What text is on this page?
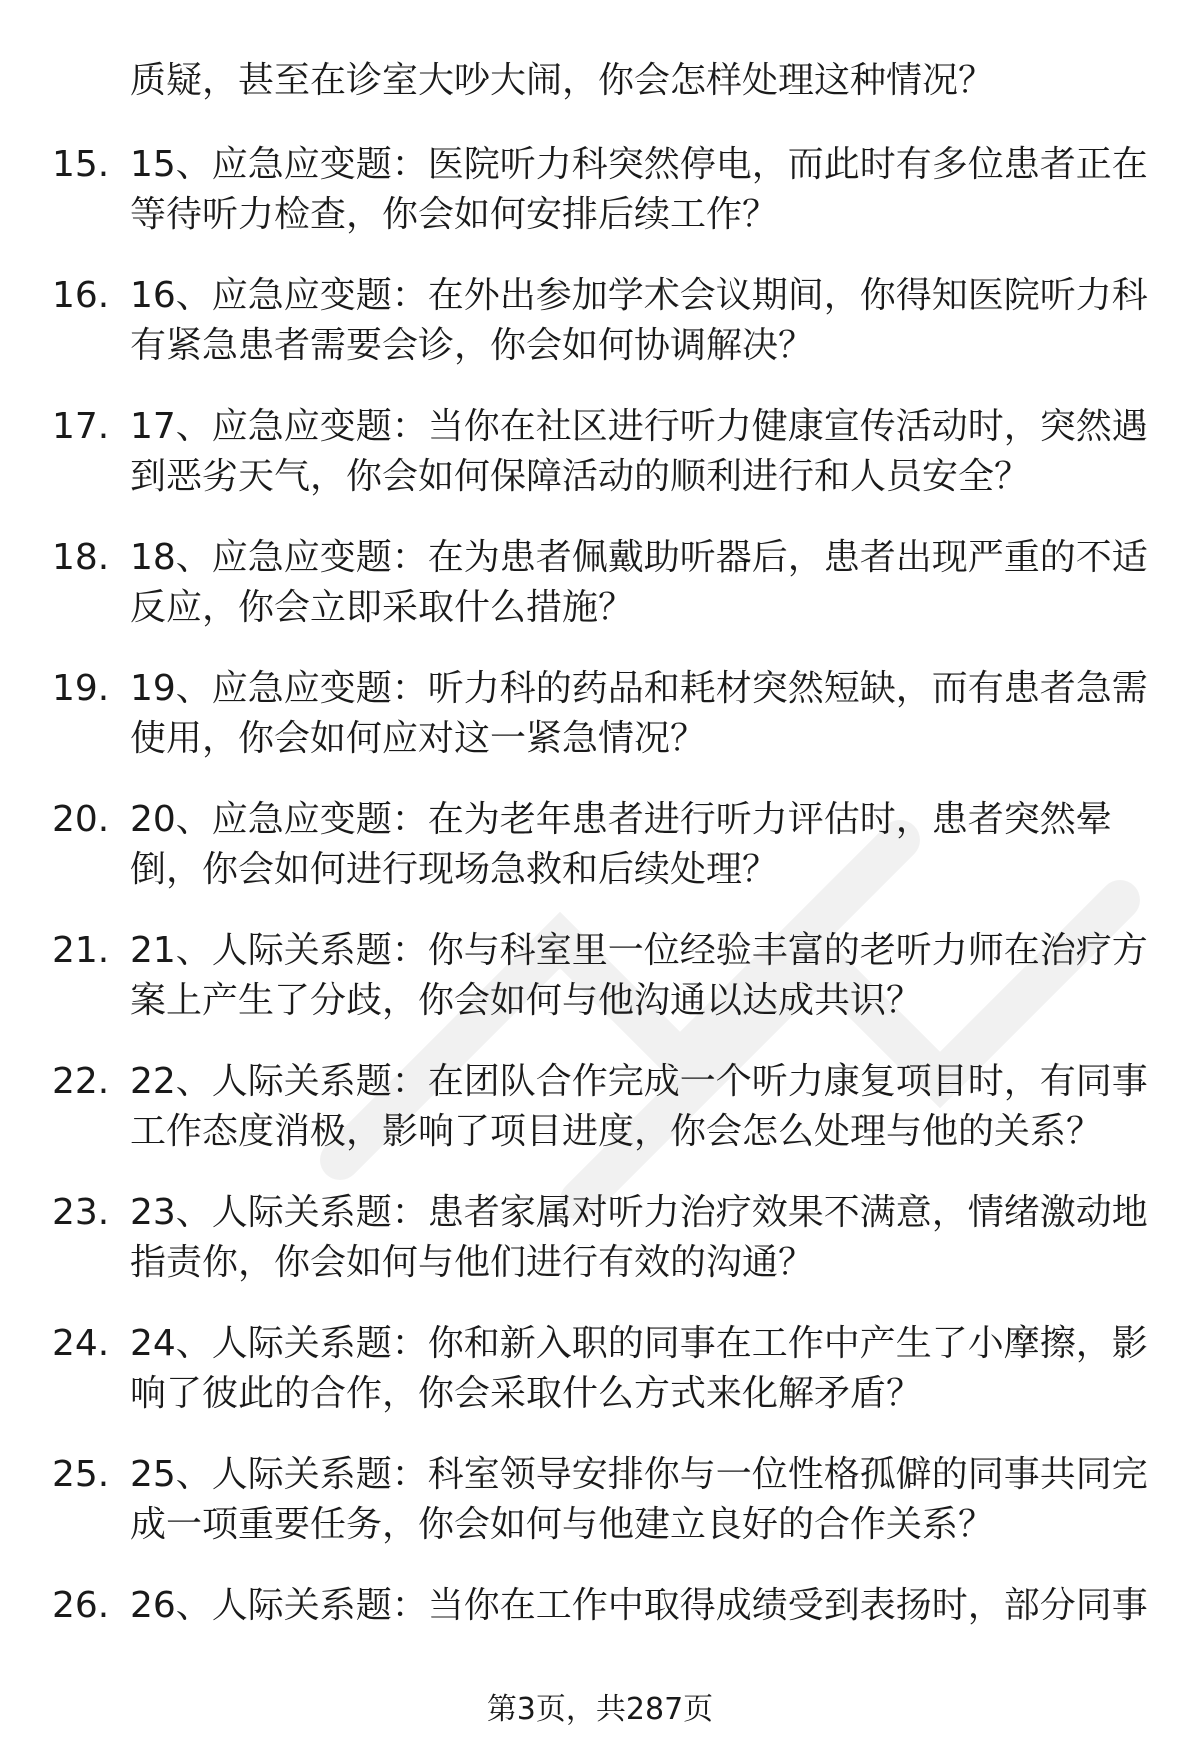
质疑，甚至在诊室大吵大闹，你会怎样处理这种情况？
15. 15、应急应变题：医院听力科突然停电，而此时有多位患者正在等待听力检查，你会如何安排后续工作？
16. 16、应急应变题：在外出参加学术会议期间，你得知医院听力科有紧急患者需要会诊，你会如何协调解决？
17. 17、应急应变题：当你在社区进行听力健康宣传活动时，突然遇到恶劣天气，你会如何保障活动的顺利进行和人员安全？
18. 18、应急应变题：在为患者佩戴助听器后，患者出现严重的不适反应，你会立即采取什么措施？
19. 19、应急应变题：听力科的药品和耗材突然短缺，而有患者急需使用，你会如何应对这一紧急情况？
20. 20、应急应变题：在为老年患者进行听力评估时，患者突然晕倒，你会如何进行现场急救和后续处理？
21. 21、人际关系题：你与科室里一位经验丰富的老听力师在治疗方案上产生了分歧，你会如何与他沟通以达成共识？
22. 22、人际关系题：在团队合作完成一个听力康复项目时，有同事工作态度消极，影响了项目进度，你会怎么处理与他的关系？
23. 23、人际关系题：患者家属对听力治疗效果不满意，情绪激动地指责你，你会如何与他们进行有效的沟通？
24. 24、人际关系题：你和新入职的同事在工作中产生了小摩擦，影响了彼此的合作，你会采取什么方式来化解矛盾？
25. 25、人际关系题：科室领导安排你与一位性格孤僻的同事共同完成一项重要任务，你会如何与他建立良好的合作关系？
26. 26、人际关系题：当你在工作中取得成绩受到表扬时，部分同事
第3页，共287页
